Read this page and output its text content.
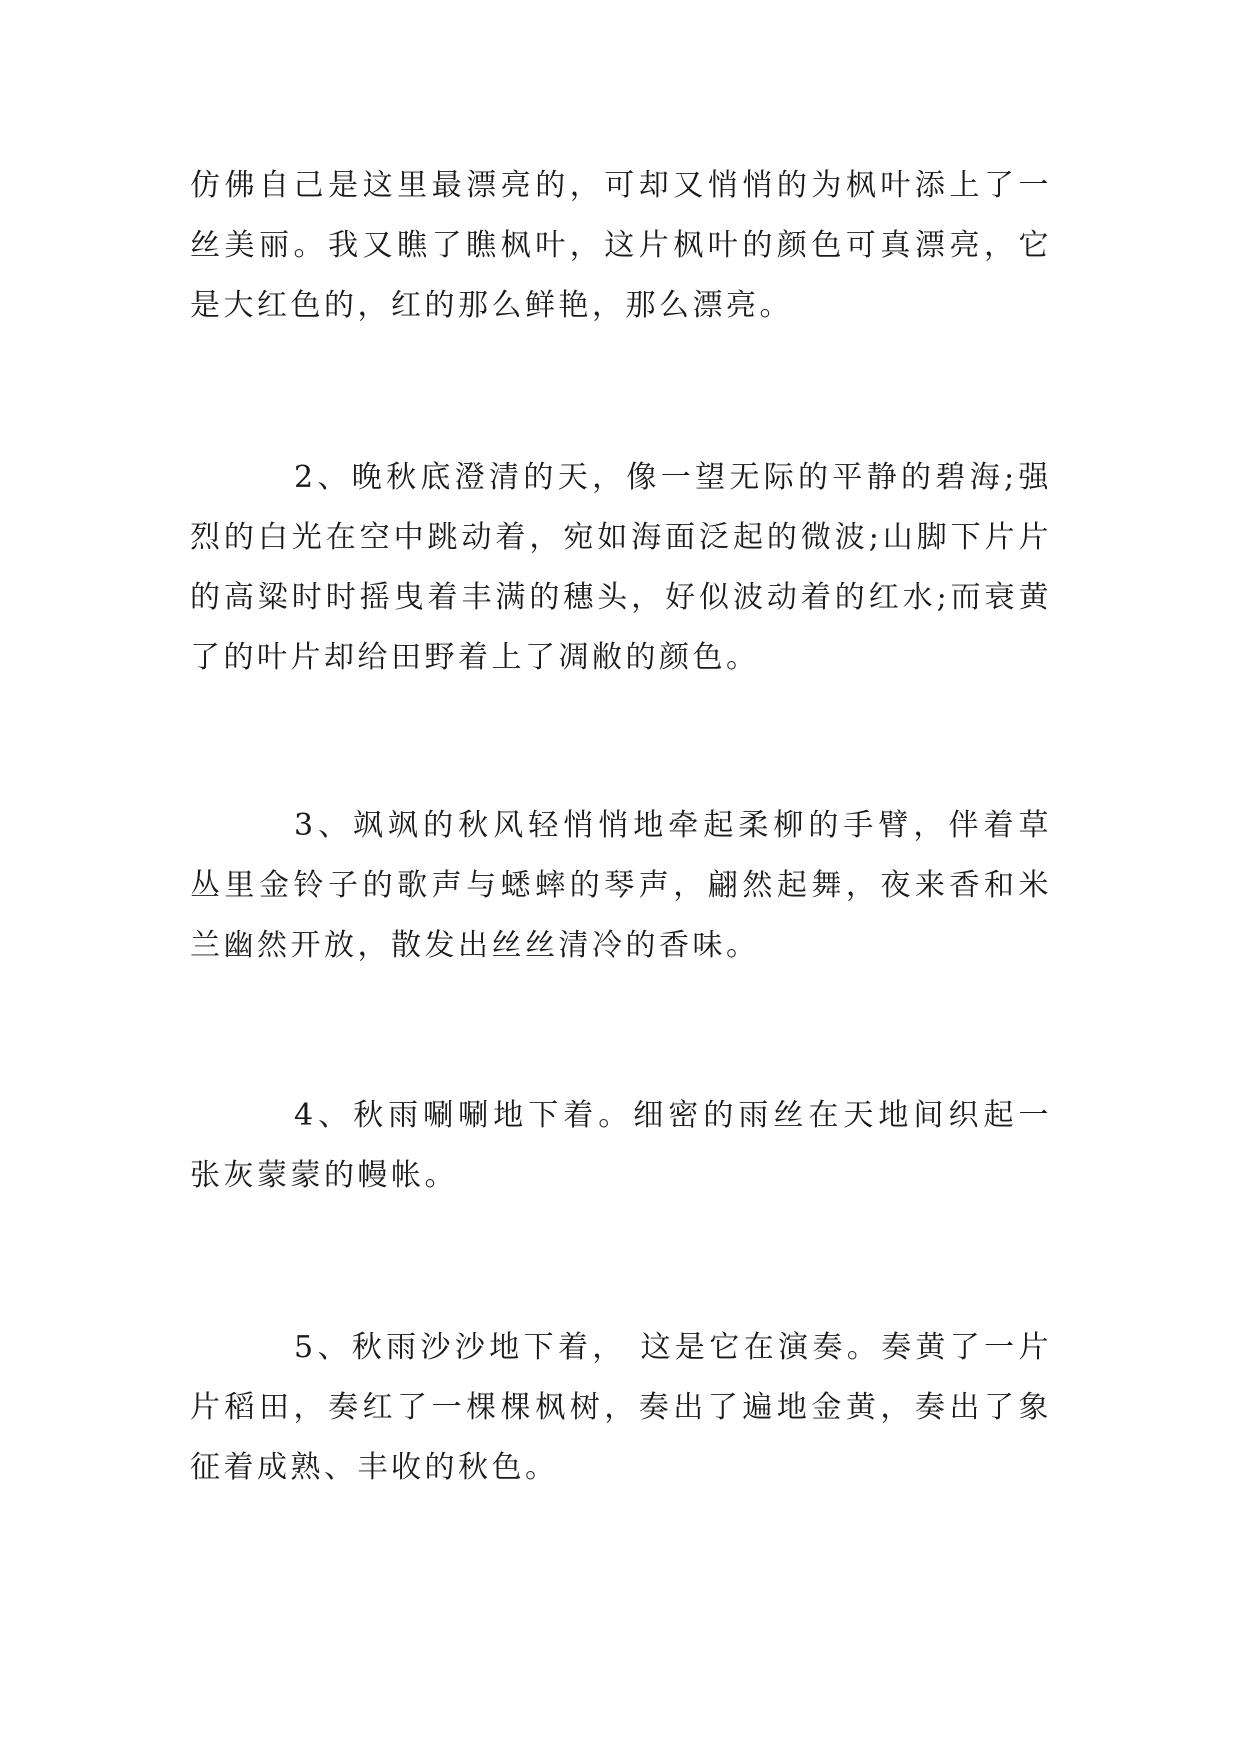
仿佛自己是这里最漂亮的，可却又悄悄的为枫叶添上了一丝美丽。我又瞧了瞧枫叶，这片枫叶的颜色可真漂亮，它是大红色的，红的那么鲜艳，那么漂亮。

2、晚秋底澄清的天，像一望无际的平静的碧海;强烈的白光在空中跳动着，宛如海面泛起的微波;山脚下片片的高粱时时摇曳着丰满的穗头，好似波动着的红水;而衰黄了的叶片却给田野着上了凋敝的颜色。

3、飒飒的秋风轻悄悄地牵起柔柳的手臂，伴着草丛里金铃子的歌声与蟋蟀的琴声，翩然起舞，夜来香和米兰幽然开放，散发出丝丝清冷的香味。

4、秋雨唰唰地下着。细密的雨丝在天地间织起一张灰蒙蒙的幔帐。

5、秋雨沙沙地下着， 这是它在演奏。奏黄了一片片稻田，奏红了一棵棵枫树，奏出了遍地金黄，奏出了象征着成熟、丰收的秋色。
